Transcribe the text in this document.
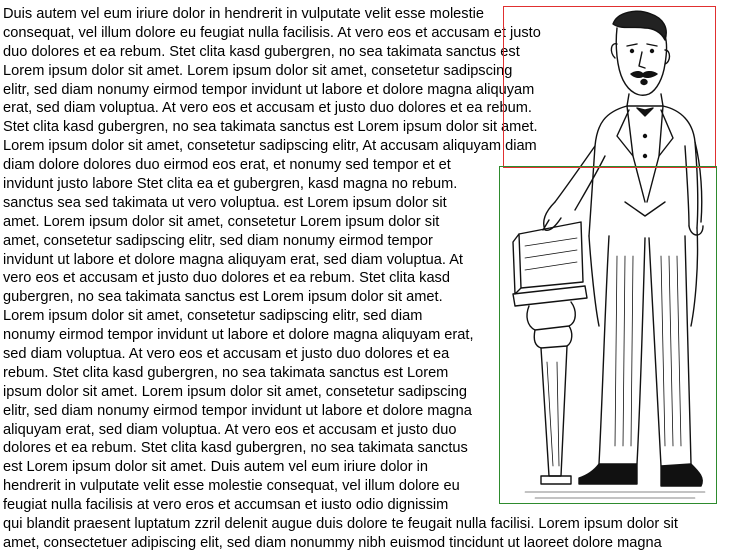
Duis autem vel eum iriure dolor in hendrerit in vulputate velit esse molestie
consequat, vel illum dolore eu feugiat nulla facilisis. At vero eos et accusam et justo
duo dolores et ea rebum. Stet clita kasd gubergren, no sea takimata sanctus est
Lorem ipsum dolor sit amet. Lorem ipsum dolor sit amet, consetetur sadipscing
elitr, sed diam nonumy eirmod tempor invidunt ut labore et dolore magna aliquyam
erat, sed diam voluptua. At vero eos et accusam et justo duo dolores et ea rebum.
Stet clita kasd gubergren, no sea takimata sanctus est Lorem ipsum dolor sit amet.
Lorem ipsum dolor sit amet, consetetur sadipscing elitr, At accusam aliquyam diam
diam dolore dolores duo eirmod eos erat, et nonumy sed tempor et et
invidunt justo labore Stet clita ea et gubergren, kasd magna no rebum.
sanctus sea sed takimata ut vero voluptua. est Lorem ipsum dolor sit
amet. Lorem ipsum dolor sit amet, consetetur Lorem ipsum dolor sit
amet, consetetur sadipscing elitr, sed diam nonumy eirmod tempor
invidunt ut labore et dolore magna aliquyam erat, sed diam voluptua. At
vero eos et accusam et justo duo dolores et ea rebum. Stet clita kasd
gubergren, no sea takimata sanctus est Lorem ipsum dolor sit amet.
Lorem ipsum dolor sit amet, consetetur sadipscing elitr, sed diam
nonumy eirmod tempor invidunt ut labore et dolore magna aliquyam erat,
sed diam voluptua. At vero eos et accusam et justo duo dolores et ea
rebum. Stet clita kasd gubergren, no sea takimata sanctus est Lorem
ipsum dolor sit amet. Lorem ipsum dolor sit amet, consetetur sadipscing
elitr, sed diam nonumy eirmod tempor invidunt ut labore et dolore magna
aliquyam erat, sed diam voluptua. At vero eos et accusam et justo duo
dolores et ea rebum. Stet clita kasd gubergren, no sea takimata sanctus
est Lorem ipsum dolor sit amet. Duis autem vel eum iriure dolor in
hendrerit in vulputate velit esse molestie consequat, vel illum dolore eu
feugiat nulla facilisis at vero eros et accumsan et iusto odio dignissim
qui blandit praesent luptatum zzril delenit augue duis dolore te feugait nulla facilisi. Lorem ipsum dolor sit
amet, consectetuer adipiscing elit, sed diam nonummy nibh euismod tincidunt ut laoreet dolore magna
